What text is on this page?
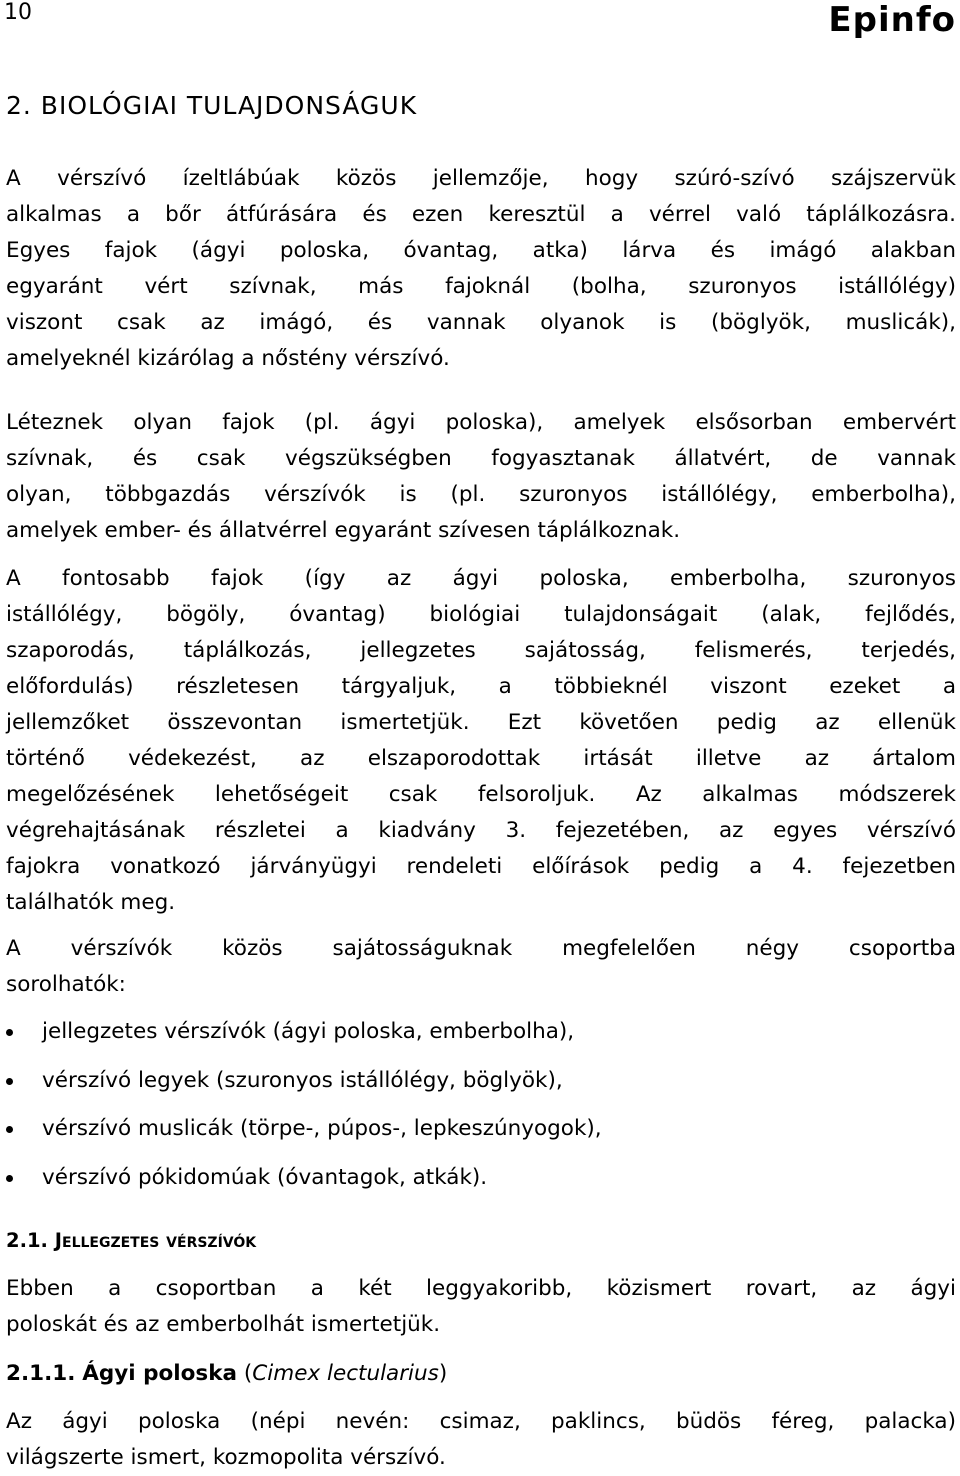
10	Epinfo
2. BIOLÓGIAI TULAJDONSÁGUK

A vérszívó ízeltlábúak közös jellemzője, hogy szúró-szívó szájszervük
alkalmas a bőr átfúrására és ezen keresztül a vérrel való táplálkozásra.
Egyes fajok (ágyi poloska, óvantag, atka) lárva és imágó alakban
egyaránt vért szívnak, más fajoknál (bolha, szuronyos istállólégy)
viszont csak az imágó, és vannak olyanok is (böglyök, muslicák),
amelyeknél kizárólag a nőstény vérszívó.

Léteznek olyan fajok (pl. ágyi poloska), amelyek elsősorban embervért
szívnak, és csak végszükségben fogyasztanak állatvért, de vannak
olyan, többgazdás vérszívók is (pl. szuronyos istállólégy, emberbolha),
amelyek ember- és állatvérrel egyaránt szívesen táplálkoznak.

A fontosabb fajok (így az ágyi poloska, emberbolha, szuronyos
istállólégy, bögöly, óvantag) biológiai tulajdonságait (alak, fejlődés,
szaporodás, táplálkozás, jellegzetes sajátosság, felismerés, terjedés,
előfordulás) részletesen tárgyaljuk, a többieknél viszont ezeket a
jellemzőket összevontan ismertetjük. Ezt követően pedig az ellenük
történő védekezést, az elszaporodottak irtását illetve az ártalom
megelőzésének lehetőségeit csak felsoroljuk. Az alkalmas módszerek
végrehajtásának részletei a kiadvány 3. fejezetében, az egyes vérszívó
fajokra vonatkozó járványügyi rendeleti előírások pedig a 4. fejezetben
találhatók meg.

A vérszívók közös sajátosságuknak megfelelően négy csoportba
sorolhatók:

jellegzetes vérszívók (ágyi poloska, emberbolha),
vérszívó legyek (szuronyos istállólégy, böglyök),
vérszívó muslicák (törpe-, púpos-, lepkeszúnyogok),
vérszívó pókidomúak (óvantagok, atkák).
2.1. Jellegzetes vérszívók

Ebben a csoportban a két leggyakoribb, közismert rovart, az ágyi
poloskát és az emberbolhát ismertetjük.

2.1.1. Ágyi poloska (Cimex lectularius)

Az ágyi poloska (népi nevén: csimaz, paklincs, büdös féreg, palacka)
világszerte ismert, kozmopolita vérszívó.
